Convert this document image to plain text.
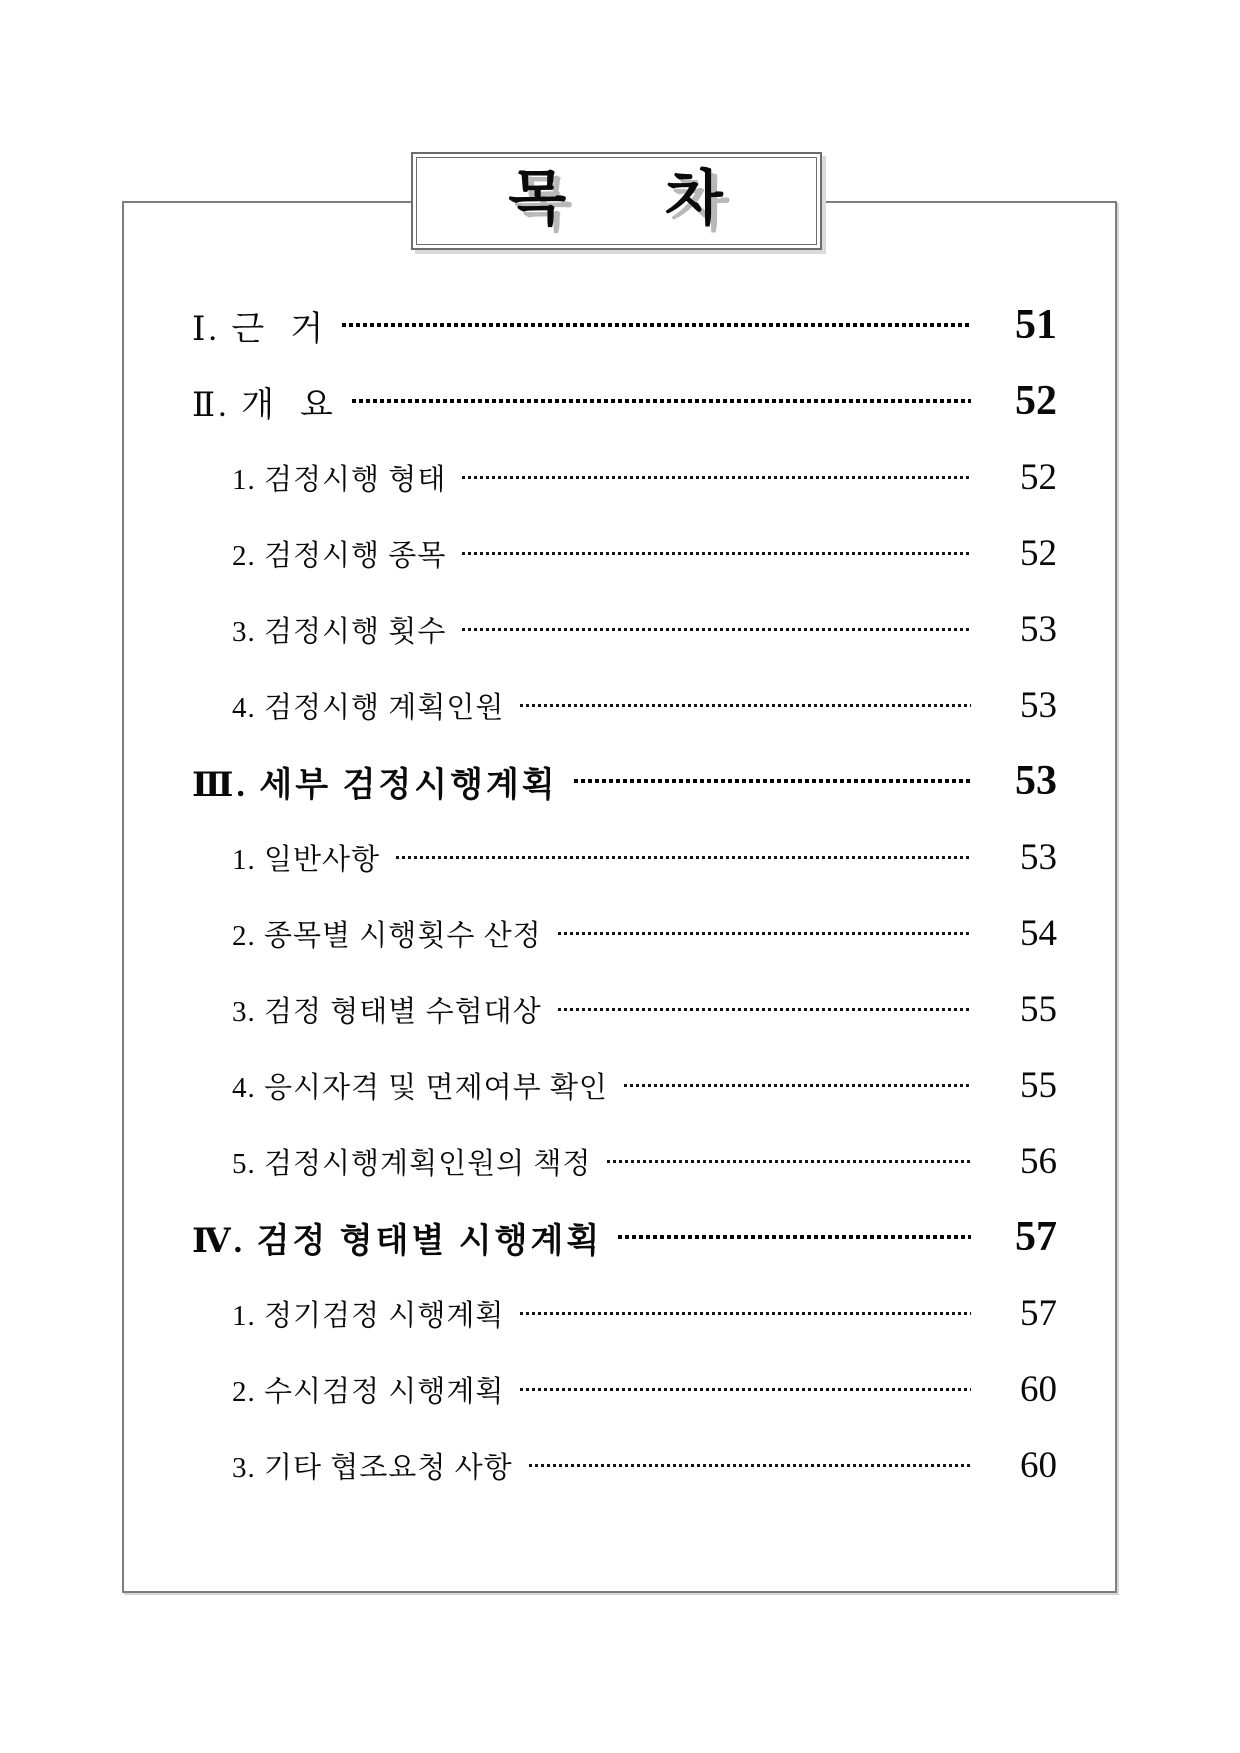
Ⅰ. 근  거	51
Ⅱ. 개  요	52
1. 검정시행 형태	52
2. 검정시행 종목	52
3. 검정시행 횟수	53
4. 검정시행 계획인원	53
Ⅲ. 세부 검정시행계획	53
1. 일반사항	53
2. 종목별 시행횟수 산정	54
3. 검정 형태별 수험대상	55
4. 응시자격 및 면제여부 확인	55
5. 검정시행계획인원의 책정	56
Ⅳ. 검정 형태별 시행계획	57
1. 정기검정 시행계획	57
2. 수시검정 시행계획	60
3. 기타 협조요청 사항	60
목 차
